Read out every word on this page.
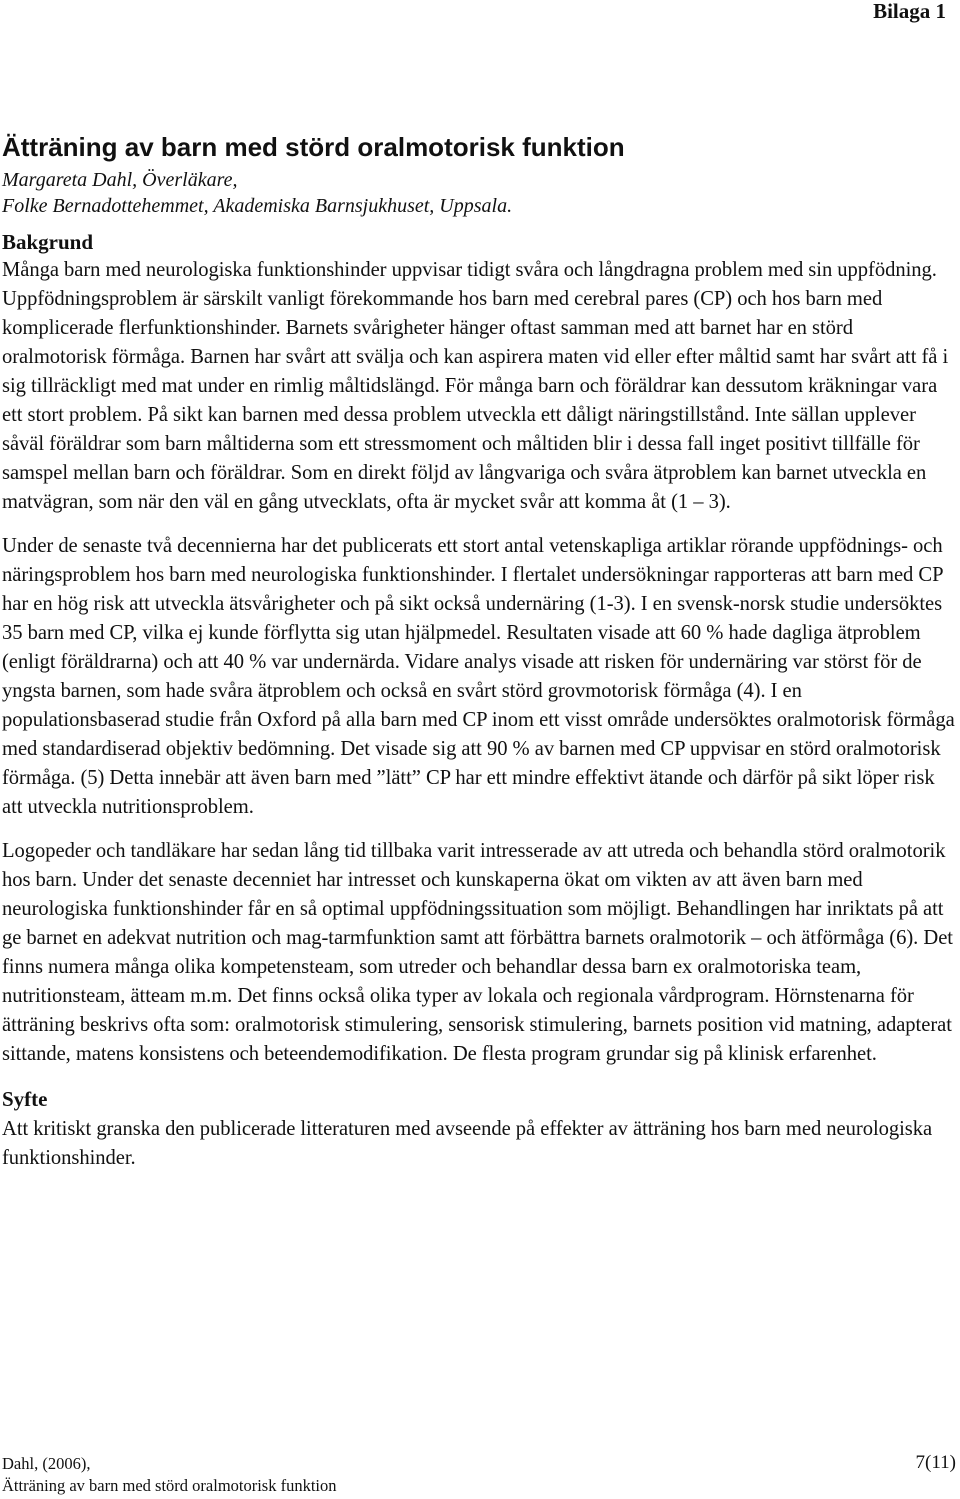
Bilaga 1
Ätträning av barn med störd oralmotorisk funktion

Margareta Dahl, Överläkare,

Folke Bernadottehemmet, Akademiska Barnsjukhuset, Uppsala.

Bakgrund

Många barn med neurologiska funktionshinder uppvisar tidigt svåra och långdragna problem med sin uppfödning. Uppfödningsproblem är särskilt vanligt förekommande hos barn med cerebral pares (CP) och hos barn med komplicerade flerfunktionshinder. Barnets svårigheter hänger oftast samman med att barnet har en störd oralmotorisk förmåga. Barnen har svårt att svälja och kan aspirera maten vid eller efter måltid samt har svårt att få i sig tillräckligt med mat under en rimlig måltidslängd. För många barn och föräldrar kan dessutom kräkningar vara ett stort problem. På sikt kan barnen med dessa problem utveckla ett dåligt näringstillstånd. Inte sällan upplever såväl föräldrar som barn måltiderna som ett stressmoment och måltiden blir i dessa fall inget positivt tillfälle för samspel mellan barn och föräldrar. Som en direkt följd av långvariga och svåra ätproblem kan barnet utveckla en matvägran, som när den väl en gång utvecklats, ofta är mycket svår att komma åt (1 – 3).

Under de senaste två decennierna har det publicerats ett stort antal vetenskapliga artiklar rörande uppfödnings- och näringsproblem hos barn med neurologiska funktionshinder. I flertalet undersökningar rapporteras att barn med CP har en hög risk att utveckla ätsvårigheter och på sikt också undernäring (1-3). I en svensk-norsk studie undersöktes 35 barn med CP, vilka ej kunde förflytta sig utan hjälpmedel. Resultaten visade att 60 % hade dagliga ätproblem (enligt föräldrarna) och att 40 % var undernärda. Vidare analys visade att risken för undernäring var störst för de yngsta barnen, som hade svåra ätproblem och också en svårt störd grovmotorisk förmåga (4). I en populationsbaserad studie från Oxford på alla barn med CP inom ett visst område undersöktes oralmotorisk förmåga med standardiserad objektiv bedömning. Det visade sig att 90 % av barnen med CP uppvisar en störd oralmotorisk förmåga. (5) Detta innebär att även barn med ”lätt” CP har ett mindre effektivt ätande och därför på sikt löper risk att utveckla nutritionsproblem.

Logopeder och tandläkare har sedan lång tid tillbaka varit intresserade av att utreda och behandla störd oralmotorik hos barn. Under det senaste decenniet har intresset och kunskaperna ökat om vikten av att även barn med neurologiska funktionshinder får en så optimal uppfödningssituation som möjligt. Behandlingen har inriktats på att ge barnet en adekvat nutrition och mag-tarmfunktion samt att förbättra barnets oralmotorik – och ätförmåga (6). Det finns numera många olika kompetensteam, som utreder och behandlar dessa barn ex oralmotoriska team, nutritionsteam, ätteam m.m. Det finns också olika typer av lokala och regionala vårdprogram. Hörnstenarna för ätträning beskrivs ofta som: oralmotorisk stimulering, sensorisk stimulering, barnets position vid matning, adapterat sittande, matens konsistens och beteendemodifikation. De flesta program grundar sig på klinisk erfarenhet.

Syfte

Att kritiskt granska den publicerade litteraturen med avseende på effekter av ätträning hos barn med neurologiska funktionshinder.

Dahl, (2006),
Ätträning av barn med störd oralmotorisk funktion
7(11)
